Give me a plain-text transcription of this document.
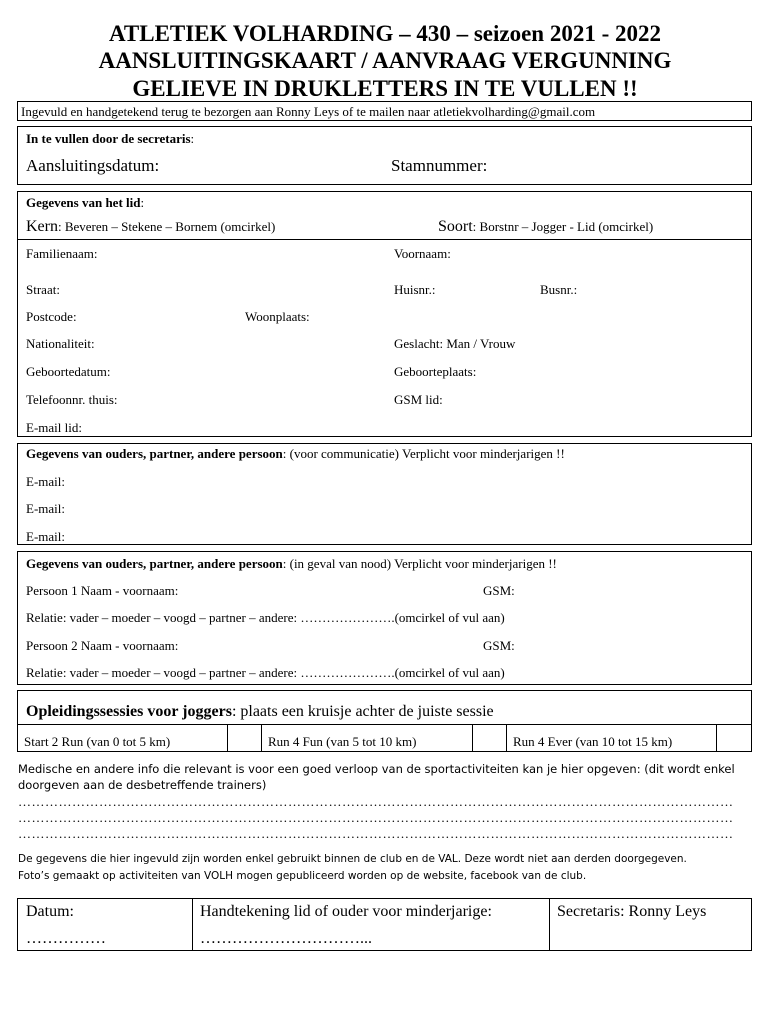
ATLETIEK VOLHARDING – 430 – seizoen 2021 - 2022
AANSLUITINGSKAART / AANVRAAG VERGUNNING
GELIEVE IN DRUKLETTERS IN TE VULLEN !!
Ingevuld en handgetekend terug te bezorgen aan Ronny Leys of te mailen naar atletiekvolharding@gmail.com
In te vullen door de secretaris:
Aansluitingsdatum:	Stamnummer:
Gegevens van het lid:
Kern: Beveren – Stekene – Bornem (omcirkel)	Soort: Borstnr – Jogger - Lid (omcirkel)
Familienaam:	Voornaam:
Straat:	Huisnr.:	Busnr.:
Postcode:	Woonplaats:
Nationaliteit:	Geslacht: Man / Vrouw
Geboortedatum:	Geboorteplaats:
Telefoonnr. thuis:	GSM lid:
E-mail lid:
Gegevens van ouders, partner, andere persoon: (voor communicatie) Verplicht voor minderjarigen !!
E-mail:
E-mail:
E-mail:
Gegevens van ouders, partner, andere persoon: (in geval van nood) Verplicht voor minderjarigen !!
Persoon 1 Naam - voornaam:	GSM:
Relatie: vader – moeder – voogd – partner – andere: ………………….(omcirkel of vul aan)
Persoon 2 Naam - voornaam:	GSM:
Relatie: vader – moeder – voogd – partner – andere: ………………….(omcirkel of vul aan)
Opleidingssessies voor joggers: plaats een kruisje achter de juiste sessie
Start 2 Run (van 0 tot 5 km)	Run 4 Fun (van 5 tot 10 km)	Run 4 Ever (van 10 tot 15 km)
Medische en andere info die relevant is voor een goed verloop van de sportactiviteiten kan je hier opgeven: (dit wordt enkel doorgeven aan de desbetreffende trainers)
……………………………………………………………………………………………………………………………………………
……………………………………………………………………………………………………………………………………………
……………………………………………………………………………………………………………………………………………
De gegevens die hier ingevuld zijn worden enkel gebruikt binnen de club en de VAL. Deze wordt niet aan derden doorgegeven.
Foto’s gemaakt op activiteiten van VOLH mogen gepubliceerd worden op de website, facebook van de club.
Datum:
……………
Handtekening lid of ouder voor minderjarige:
…………………………...
Secretaris: Ronny Leys
